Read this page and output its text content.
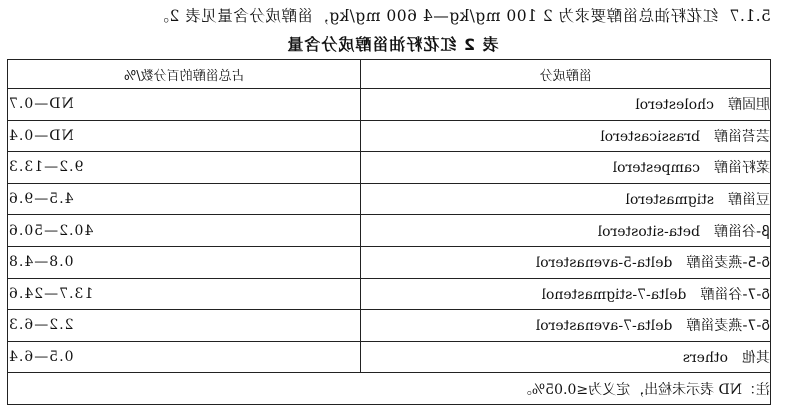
5.1.7  红花籽油总甾醇要求为 2 100 mg/kg—4 600 mg/kg，甾醇成分含量见表 2。
表 2 红花籽油甾醇成分含量
甾醇成分	占总甾醇的百分数/%
胆固醇cholesterol	ND—0.7
芸苔甾醇brassicasterol	ND—0.4
菜籽甾醇campesterol	9.2—13.3
豆甾醇stigmasterol	4.5—9.6
β-谷甾醇beta-sitosterol	40.2—50.6
δ-5-燕麦甾醇delta-5-avenasterol	0.8—4.8
δ-7-谷甾醇delta-7-stigmastenol	13.7—24.6
δ-7-燕麦甾醇delta-7-avenasterol	2.2—6.3
其他others	0.5—6.4
注：ND 表示未检出，定义为≤0.05%。	
